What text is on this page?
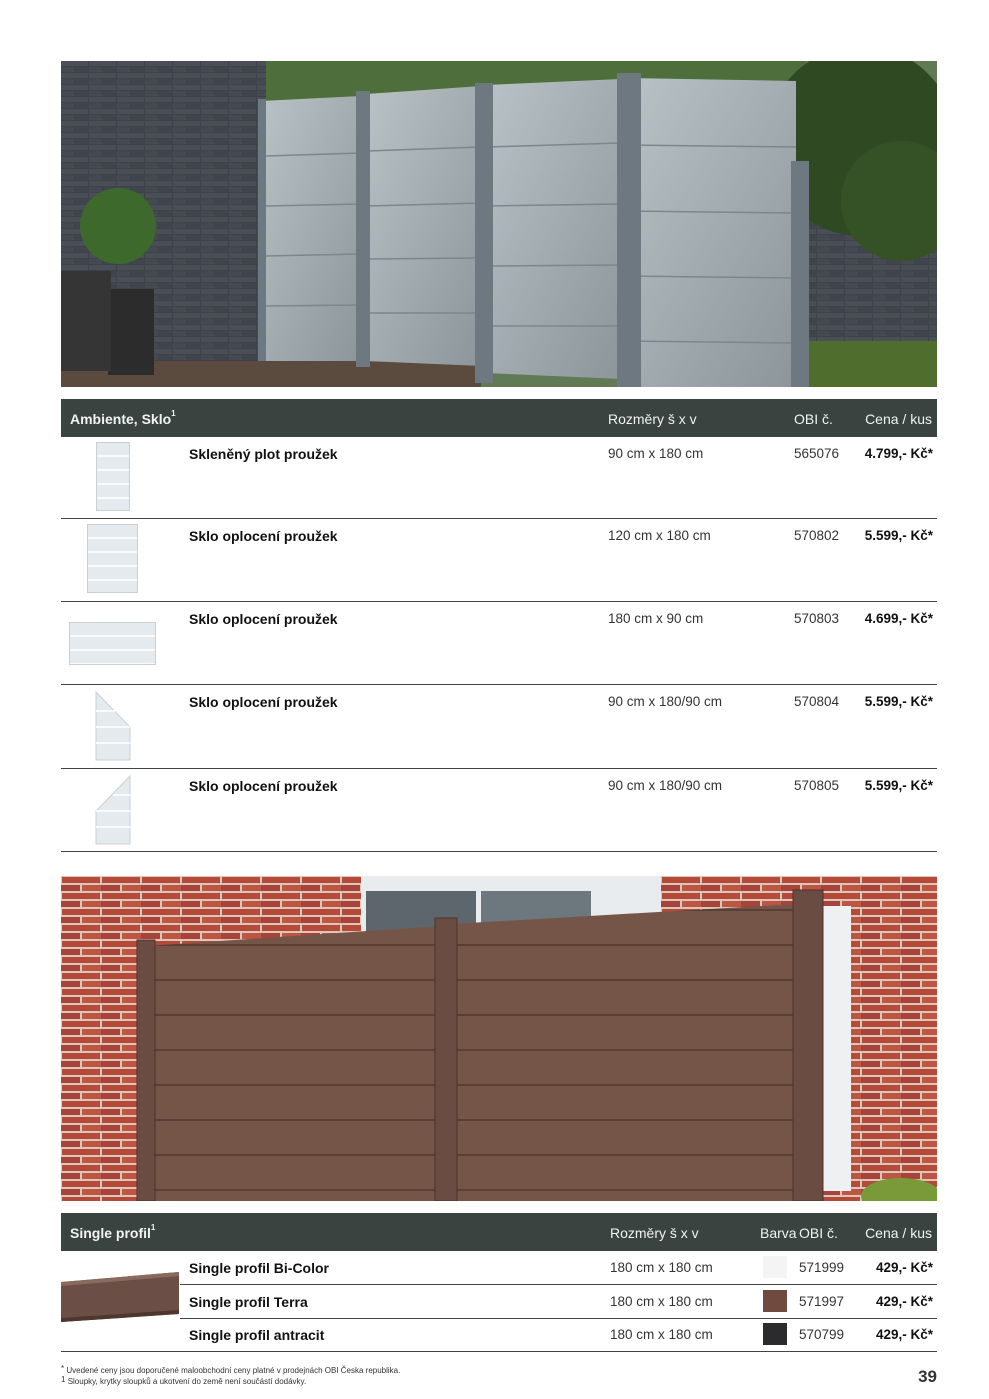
Ambiente, Sklo$^1$	Rozměry š x v	OBI č. Cena / kus
Skleněný plot proužek	90 cm x 180 cm	565076 4.799,- Kč*
Sklo oplocení proužek	120 cm x 180 cm	570802 5.599,- Kč*
Sklo oplocení proužek	180 cm x 90 cm	570803 4.699,- Kč*
Sklo oplocení proužek	90 cm x 180/90 cm	570804 5.599,- Kč*
Sklo oplocení proužek	90 cm x 180/90 cm	570805 5.599,- Kč*
Single profil$^1$	Rozměry š x v	Barva OBI č. Cena / kus
Single profil Bi-Color	180 cm x 180 cm	571999 429,- Kč*
Single profil Terra	180 cm x 180 cm	571997 429,- Kč*
Single profil antracit	180 cm x 180 cm	570799 429,- Kč*
* Uvedené ceny jsou doporučené maloobchodní ceny platné v prodejnách OBI Česka republika.
1 Sloupky, krytky sloupků a ukotvení do země není součástí dodávky.	39
